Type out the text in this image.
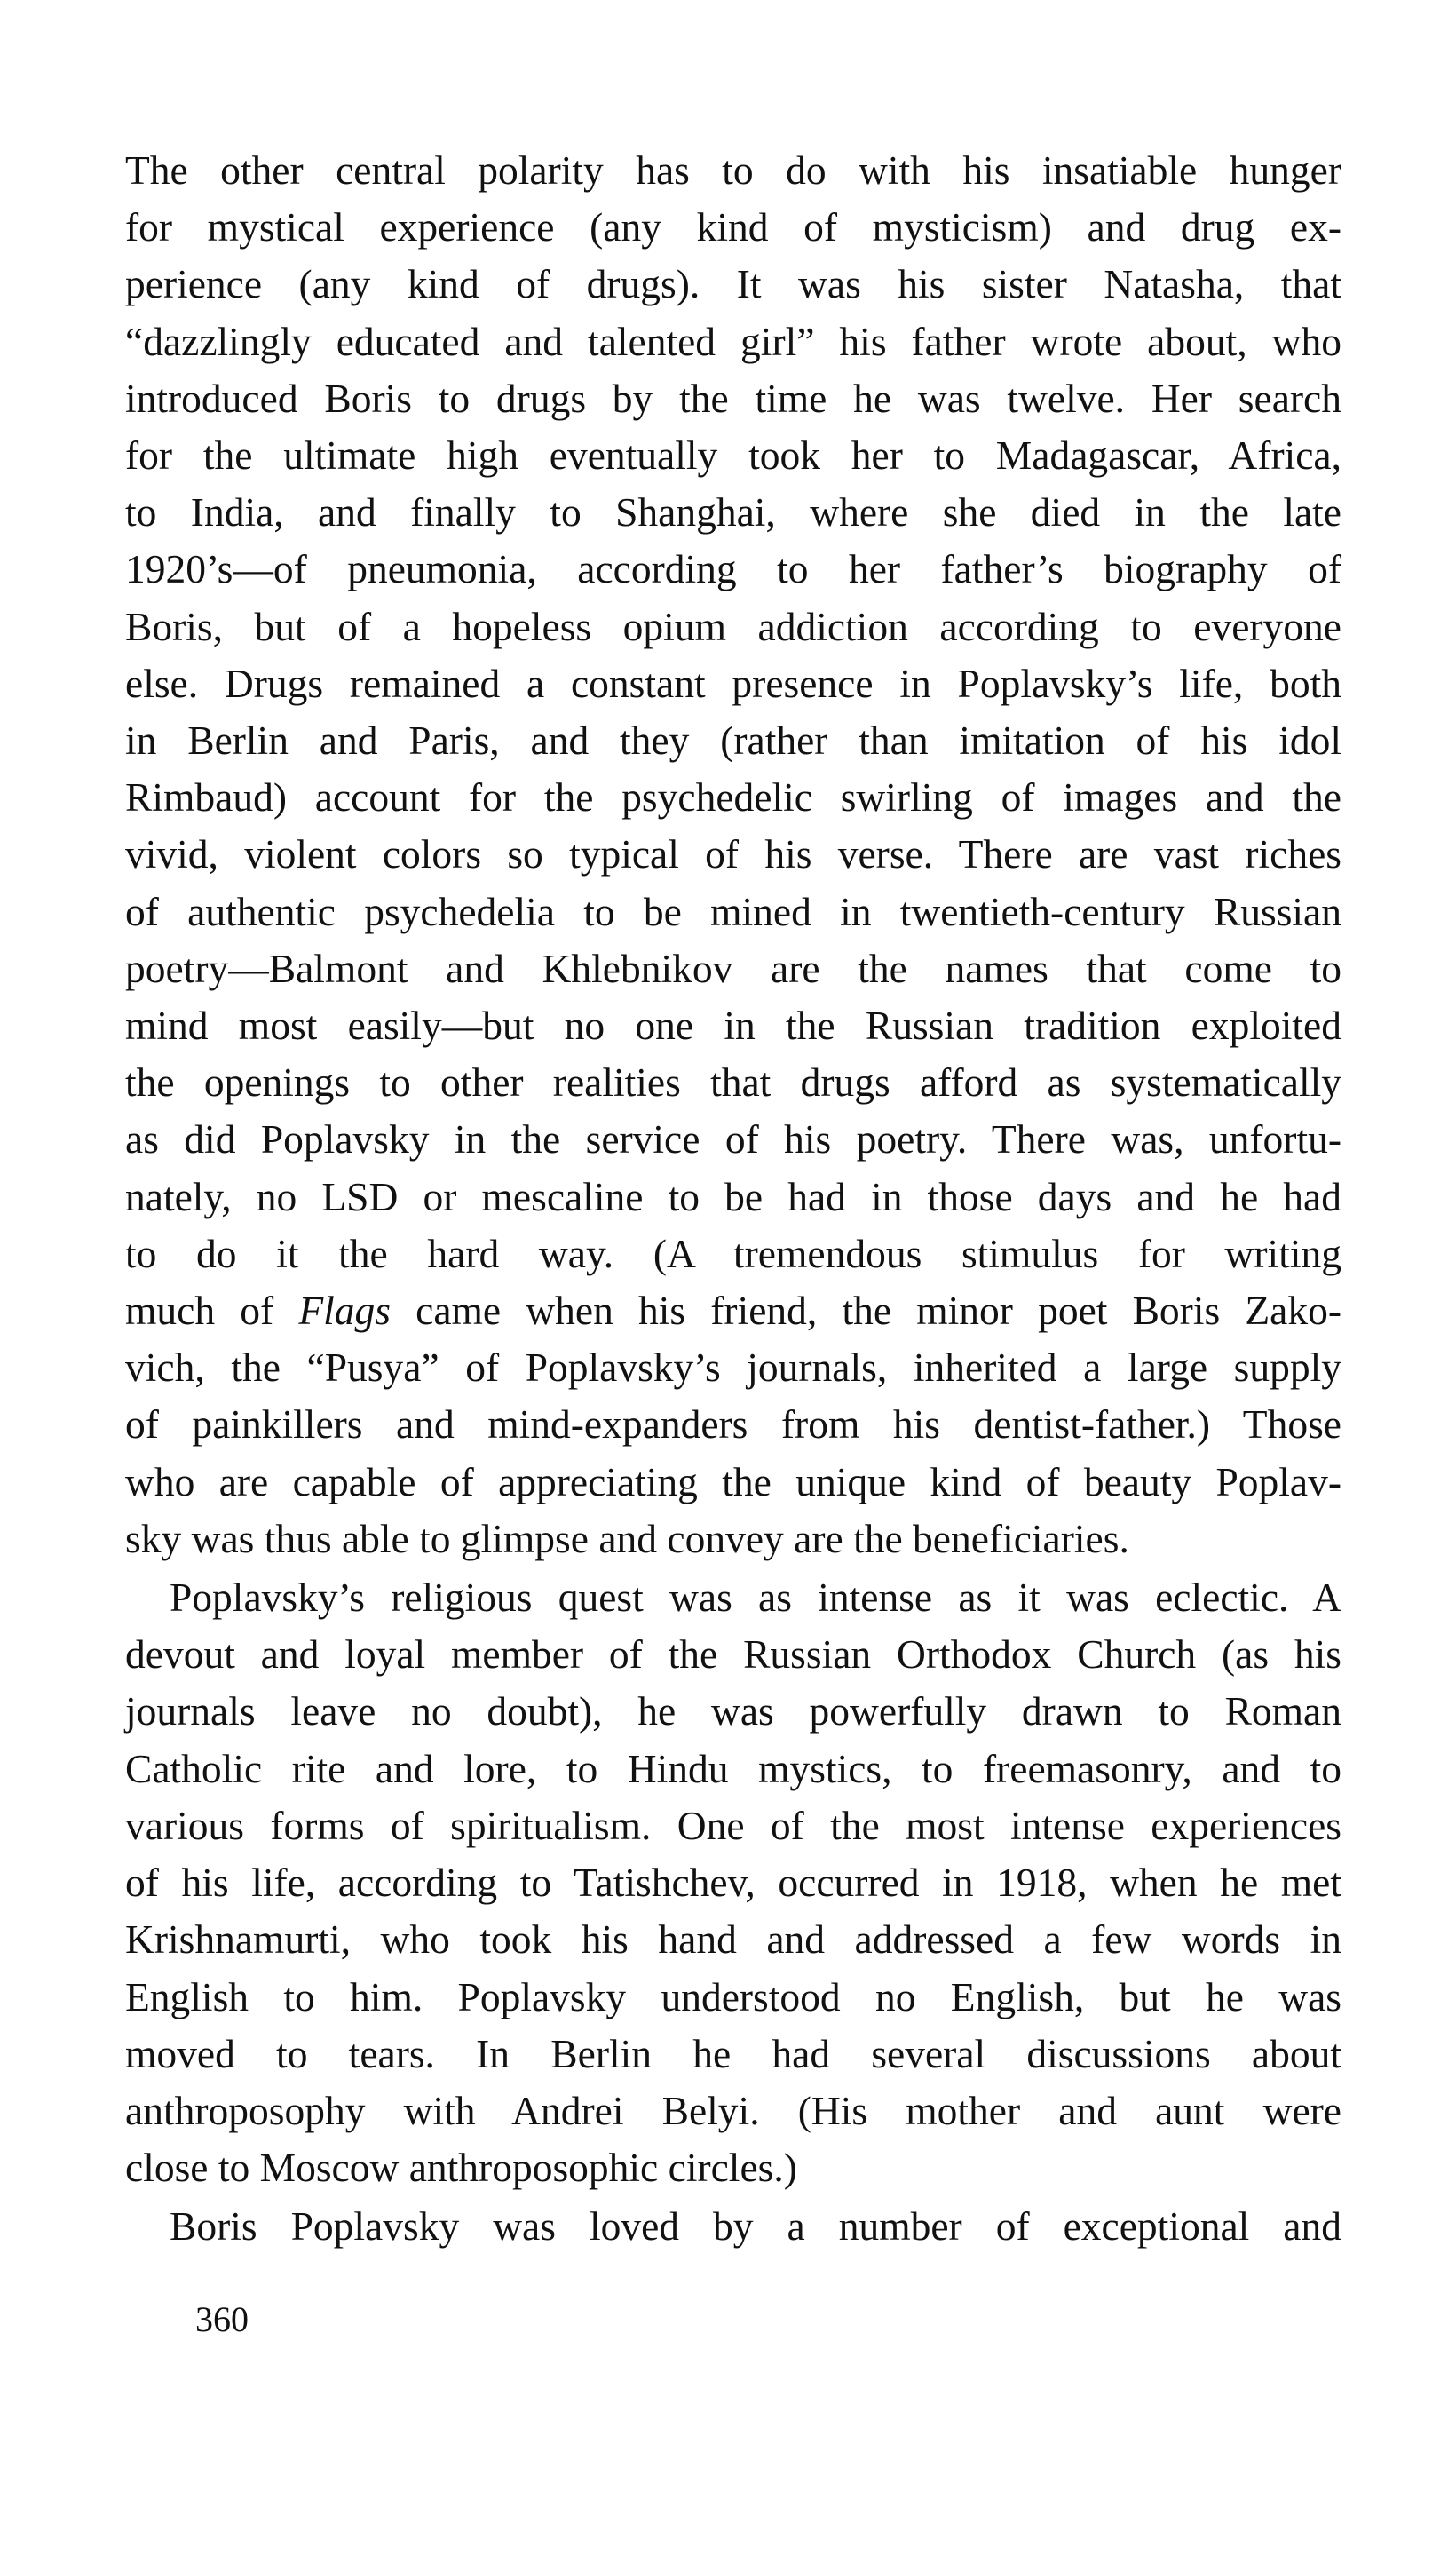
The other central polarity has to do with his insatiable hunger
for mystical experience (any kind of mysticism) and drug ex-
perience (any kind of drugs). It was his sister Natasha, that
“dazzlingly educated and talented girl” his father wrote about, who
introduced Boris to drugs by the time he was twelve. Her search
for the ultimate high eventually took her to Madagascar, Africa,
to India, and finally to Shanghai, where she died in the late
1920’s—of pneumonia, according to her father’s biography of
Boris, but of a hopeless opium addiction according to everyone
else. Drugs remained a constant presence in Poplavsky’s life, both
in Berlin and Paris, and they (rather than imitation of his idol
Rimbaud) account for the psychedelic swirling of images and the
vivid, violent colors so typical of his verse. There are vast riches
of authentic psychedelia to be mined in twentieth-century Russian
poetry—Balmont and Khlebnikov are the names that come to
mind most easily—but no one in the Russian tradition exploited
the openings to other realities that drugs afford as systematically
as did Poplavsky in the service of his poetry. There was, unfortu-
nately, no LSD or mescaline to be had in those days and he had
to do it the hard way. (A tremendous stimulus for writing
much of Flags came when his friend, the minor poet Boris Zako-
vich, the “Pusya” of Poplavsky’s journals, inherited a large supply
of painkillers and mind-expanders from his dentist-father.) Those
who are capable of appreciating the unique kind of beauty Poplav-
sky was thus able to glimpse and convey are the beneficiaries.

Poplavsky’s religious quest was as intense as it was eclectic. A
devout and loyal member of the Russian Orthodox Church (as his
journals leave no doubt), he was powerfully drawn to Roman
Catholic rite and lore, to Hindu mystics, to freemasonry, and to
various forms of spiritualism. One of the most intense experiences
of his life, according to Tatishchev, occurred in 1918, when he met
Krishnamurti, who took his hand and addressed a few words in
English to him. Poplavsky understood no English, but he was
moved to tears. In Berlin he had several discussions about
anthroposophy with Andrei Belyi. (His mother and aunt were
close to Moscow anthroposophic circles.)

Boris Poplavsky was loved by a number of exceptional and

360
